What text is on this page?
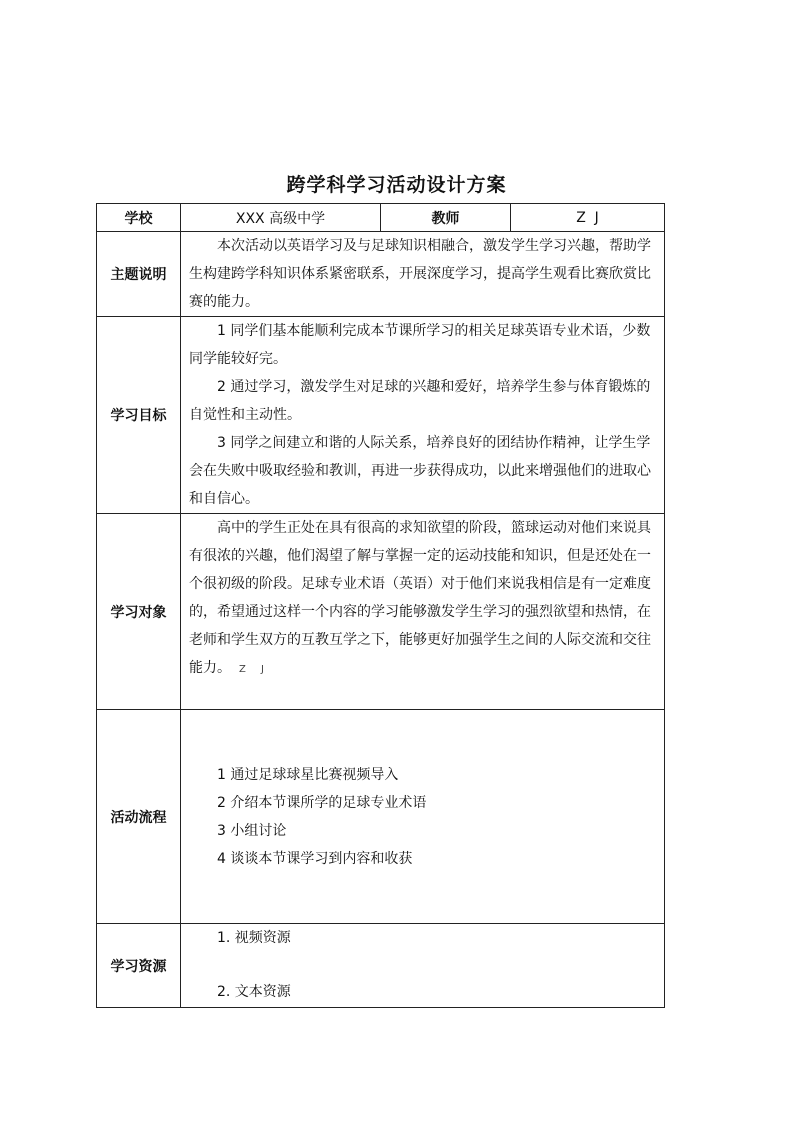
跨学科学习活动设计方案
学校	XXX 高级中学	教师	Z  J
主题说明	本次活动以英语学习及与足球知识相融合，激发学生学习兴趣，帮助学生构建跨学科知识体系紧密联系，开展深度学习，提高学生观看比赛欣赏比赛的能力。		

学习目标	1 同学们基本能顺利完成本节课所学习的相关足球英语专业术语，少数同学能较好完。

2 通过学习，激发学生对足球的兴趣和爱好，培养学生参与体育锻炼的自觉性和主动性。

3 同学之间建立和谐的人际关系，培养良好的团结协作精神，让学生学会在失败中吸取经验和教训，再进一步获得成功，以此来增强他们的进取心和自信心。		

学习对象	高中的学生正处在具有很高的求知欲望的阶段，篮球运动对他们来说具有很浓的兴趣，他们渴望了解与掌握一定的运动技能和知识，但是还处在一个很初级的阶段。足球专业术语（英语）对于他们来说我相信是有一定难度的，希望通过这样一个内容的学习能够激发学生学习的强烈欲望和热情，在老师和学生双方的互教互学之下，能够更好加强学生之间的人际交流和交往能力。 Z J		

活动流程	1 通过足球球星比赛视频导入

2 介绍本节课所学的足球专业术语

3 小组讨论

4 谈谈本节课学习到内容和收获		

学习资源	1. 视频资源
2. 文本资源		
